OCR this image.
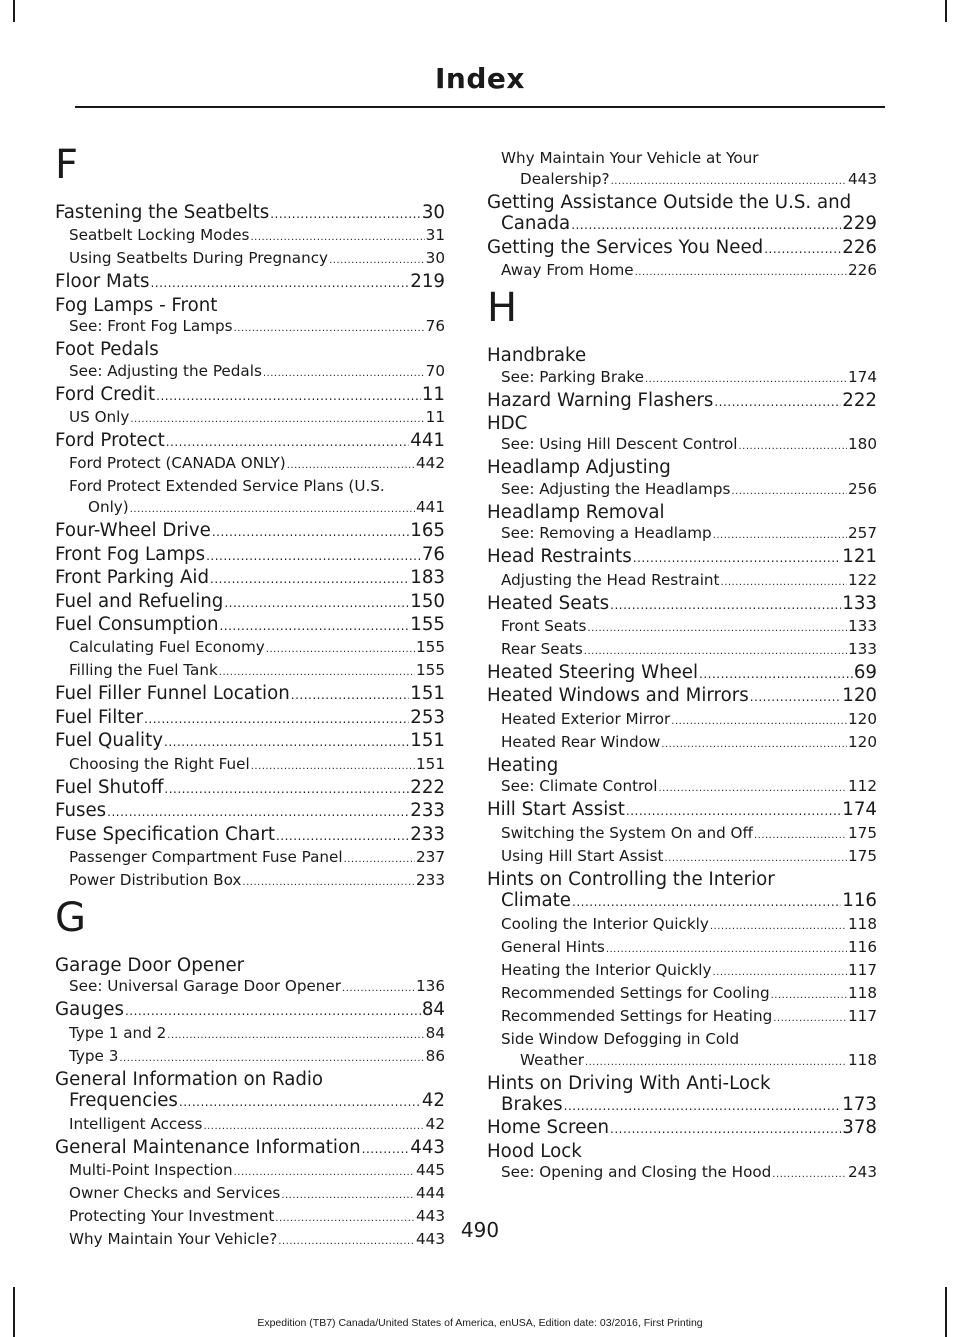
Index
F
Fastening the Seatbelts .....	30
Seatbelt Locking Modes .....	31
Using Seatbelts During Pregnancy .....	30
Floor Mats .....	219
Fog Lamps - Front
See: Front Fog Lamps .....	76
Foot Pedals
See: Adjusting the Pedals .....	70
Ford Credit .....	11
US Only .....	11
Ford Protect .....	441
Ford Protect (CANADA ONLY) .....	442
Ford Protect Extended Service Plans (U.S.
Only) .....	441
Four-Wheel Drive .....	165
Front Fog Lamps .....	76
Front Parking Aid .....	183
Fuel and Refueling .....	150
Fuel Consumption .....	155
Calculating Fuel Economy .....	155
Filling the Fuel Tank .....	155
Fuel Filler Funnel Location .....	151
Fuel Filter .....	253
Fuel Quality .....	151
Choosing the Right Fuel .....	151
Fuel Shutoff .....	222
Fuses .....	233
Fuse Specification Chart .....	233
Passenger Compartment Fuse Panel .....	237
Power Distribution Box .....	233
G
Garage Door Opener
See: Universal Garage Door Opener .....	136
Gauges .....	84
Type 1 and 2 .....	84
Type 3 .....	86
General Information on Radio
Frequencies .....	42
Intelligent Access .....	42
General Maintenance Information .....	443
Multi-Point Inspection .....	445
Owner Checks and Services .....	444
Protecting Your Investment .....	443
Why Maintain Your Vehicle? .....	443
Why Maintain Your Vehicle at Your
Dealership? .....	443
Getting Assistance Outside the U.S. and
Canada .....	229
Getting the Services You Need .....	226
Away From Home .....	226
H
Handbrake
See: Parking Brake .....	174
Hazard Warning Flashers .....	222
HDC
See: Using Hill Descent Control .....	180
Headlamp Adjusting
See: Adjusting the Headlamps .....	256
Headlamp Removal
See: Removing a Headlamp .....	257
Head Restraints .....	121
Adjusting the Head Restraint .....	122
Heated Seats .....	133
Front Seats .....	133
Rear Seats .....	133
Heated Steering Wheel .....	69
Heated Windows and Mirrors .....	120
Heated Exterior Mirror .....	120
Heated Rear Window .....	120
Heating
See: Climate Control .....	112
Hill Start Assist .....	174
Switching the System On and Off .....	175
Using Hill Start Assist .....	175
Hints on Controlling the Interior
Climate .....	116
Cooling the Interior Quickly .....	118
General Hints .....	116
Heating the Interior Quickly .....	117
Recommended Settings for Cooling .....	118
Recommended Settings for Heating .....	117
Side Window Defogging in Cold
Weather .....	118
Hints on Driving With Anti-Lock
Brakes .....	173
Home Screen .....	378
Hood Lock
See: Opening and Closing the Hood .....	243
490
Expedition (TB7) Canada/United States of America, enUSA, Edition date: 03/2016, First Printing
